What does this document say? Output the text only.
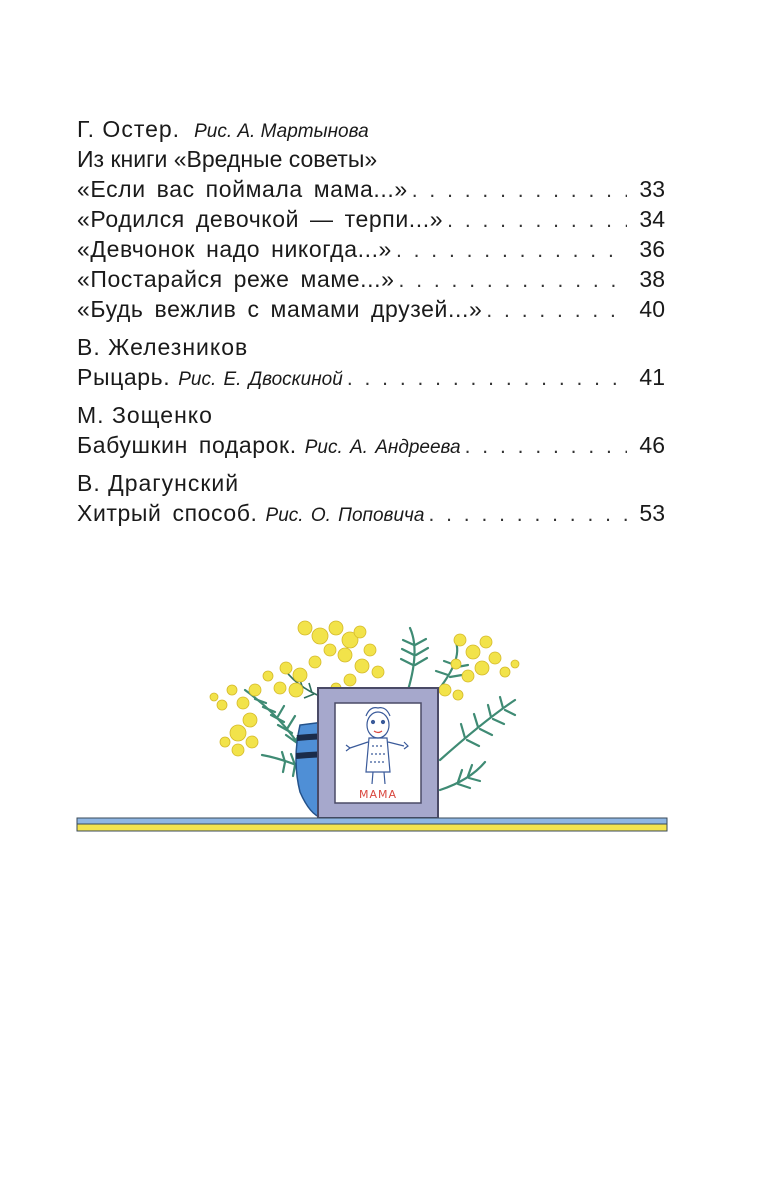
Г. Остер. Рис. А. Мартынова
Из книги «Вредные советы»
«Если вас поймала мама...» . . .	33
«Родился девочкой — терпи...» . . .	34
«Девчонок надо никогда...» . . .	36
«Постарайся реже маме...» . . .	38
«Будь вежлив с мамами друзей...» . . .	40
В. Железников
Рыцарь. Рис. Е. Двоскиной . . .	41
М. Зощенко
Бабушкин подарок. Рис. А. Андреева . . .	46
В. Драгунский
Хитрый способ. Рис. О. Поповича . . .	53
МАМА
